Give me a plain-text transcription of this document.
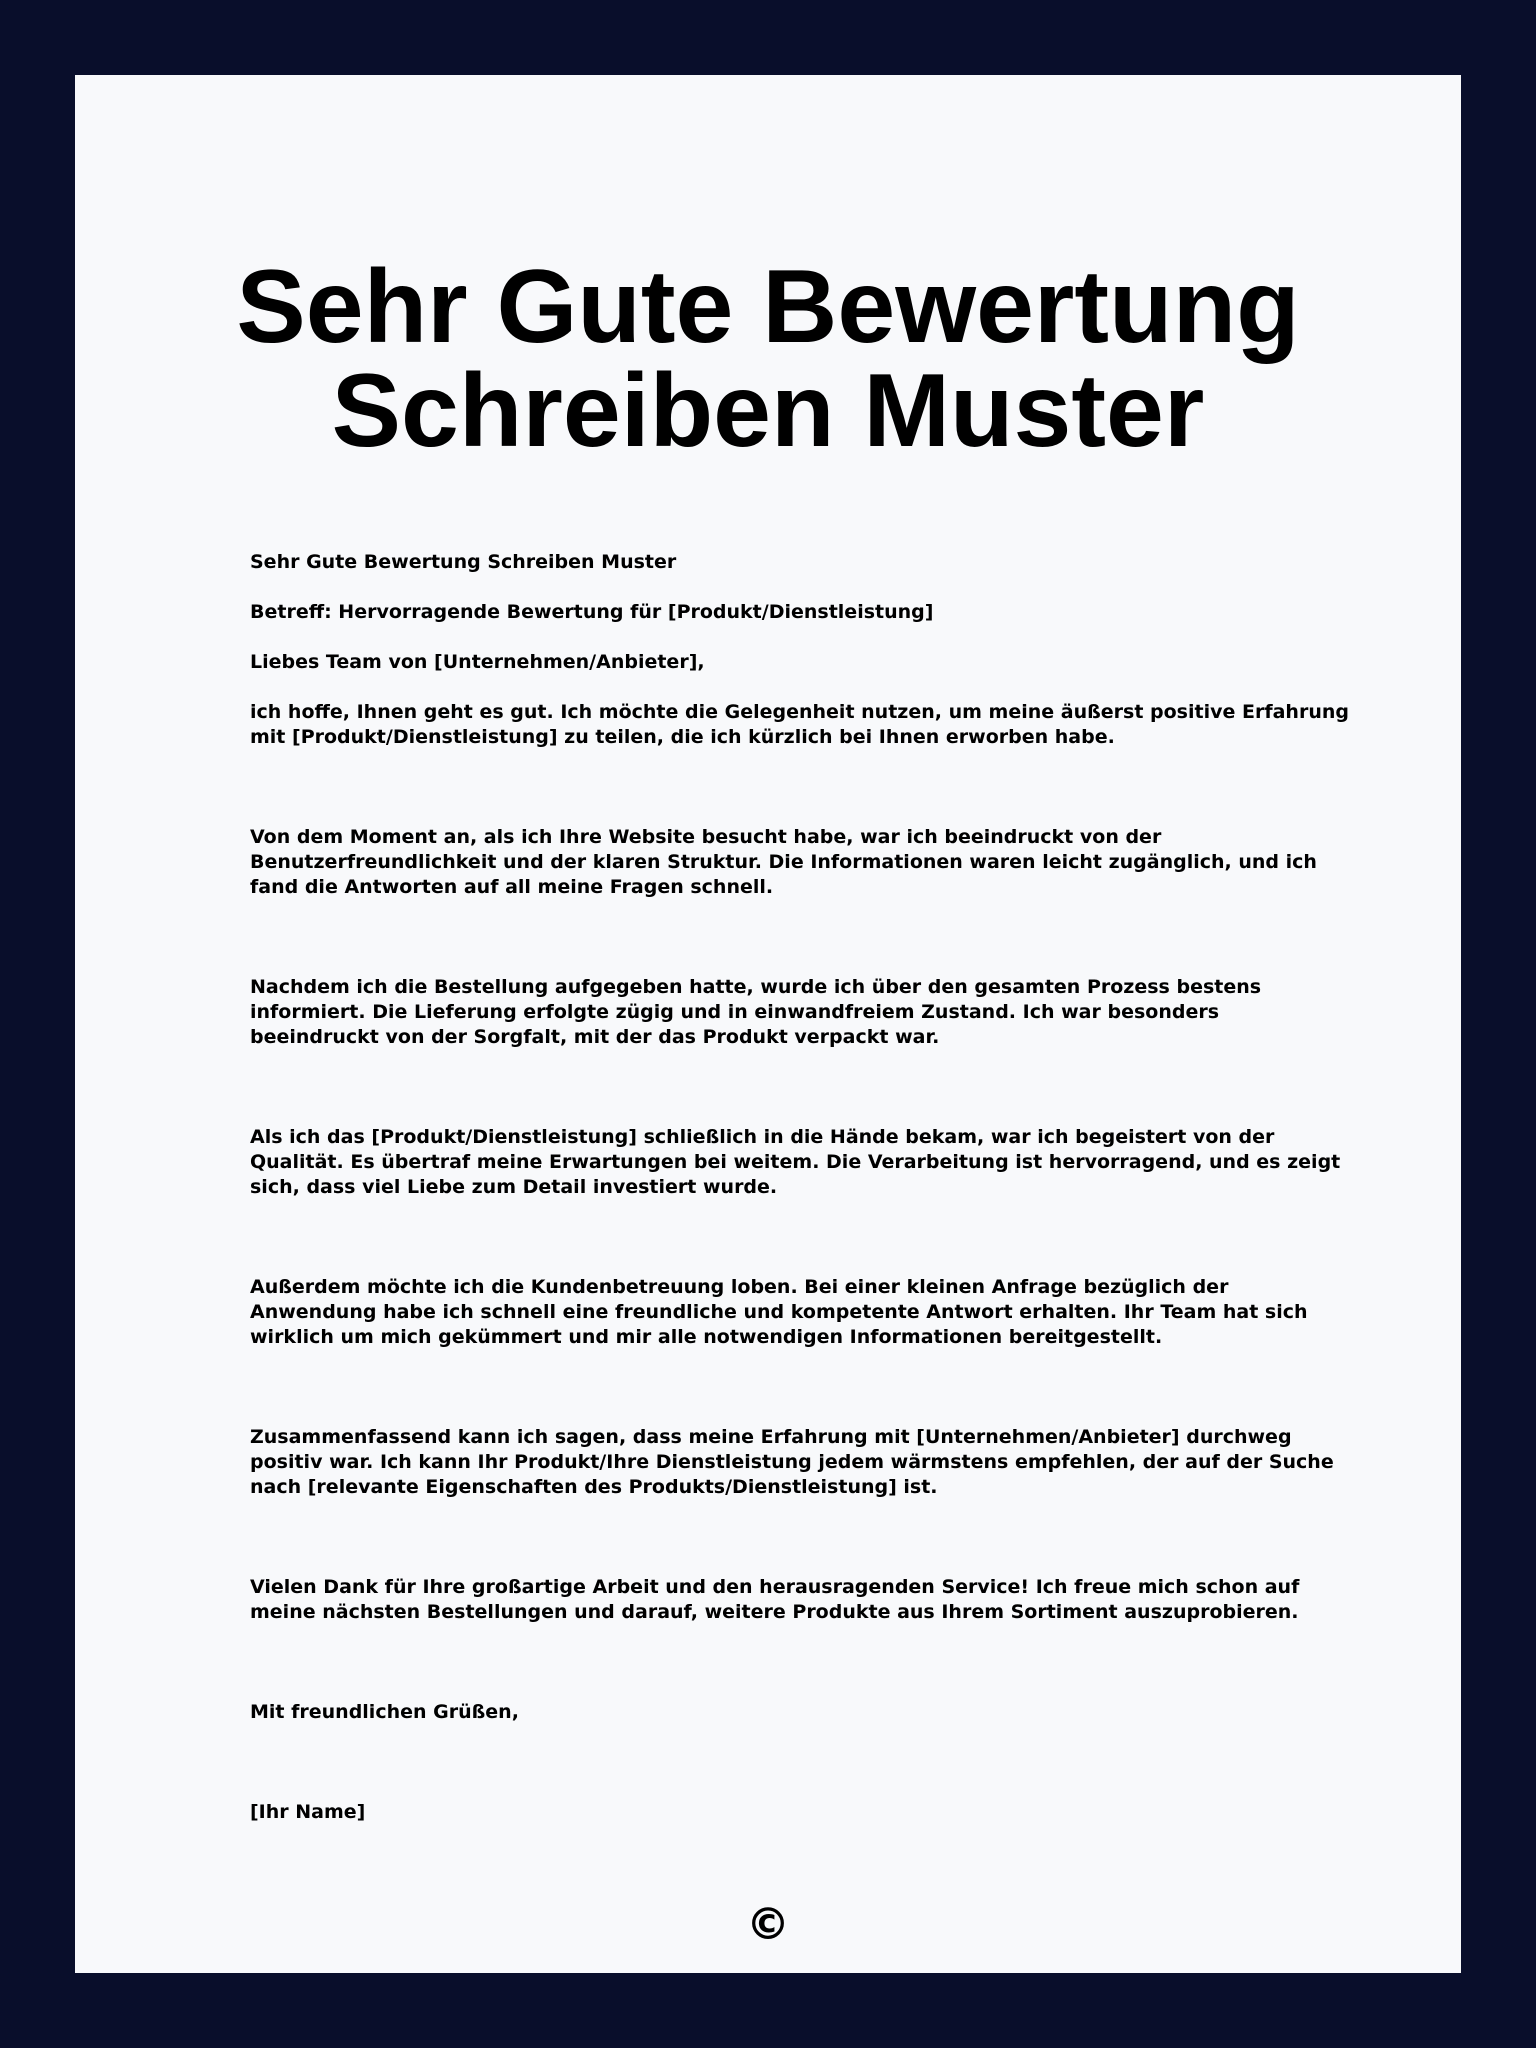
Sehr Gute Bewertung
Schreiben Muster

Sehr Gute Bewertung Schreiben Muster

Betreff: Hervorragende Bewertung für [Produkt/Dienstleistung]

Liebes Team von [Unternehmen/Anbieter],

ich hoffe, Ihnen geht es gut. Ich möchte die Gelegenheit nutzen, um meine äußerst positive Erfahrung mit [Produkt/Dienstleistung] zu teilen, die ich kürzlich bei Ihnen erworben habe.

Von dem Moment an, als ich Ihre Website besucht habe, war ich beeindruckt von der Benutzerfreundlichkeit und der klaren Struktur. Die Informationen waren leicht zugänglich, und ich fand die Antworten auf all meine Fragen schnell.

Nachdem ich die Bestellung aufgegeben hatte, wurde ich über den gesamten Prozess bestens informiert. Die Lieferung erfolgte zügig und in einwandfreiem Zustand. Ich war besonders beeindruckt von der Sorgfalt, mit der das Produkt verpackt war.

Als ich das [Produkt/Dienstleistung] schließlich in die Hände bekam, war ich begeistert von der Qualität. Es übertraf meine Erwartungen bei weitem. Die Verarbeitung ist hervorragend, und es zeigt sich, dass viel Liebe zum Detail investiert wurde.

Außerdem möchte ich die Kundenbetreuung loben. Bei einer kleinen Anfrage bezüglich der Anwendung habe ich schnell eine freundliche und kompetente Antwort erhalten. Ihr Team hat sich wirklich um mich gekümmert und mir alle notwendigen Informationen bereitgestellt.

Zusammenfassend kann ich sagen, dass meine Erfahrung mit [Unternehmen/Anbieter] durchweg positiv war. Ich kann Ihr Produkt/Ihre Dienstleistung jedem wärmstens empfehlen, der auf der Suche nach [relevante Eigenschaften des Produkts/Dienstleistung] ist.

Vielen Dank für Ihre großartige Arbeit und den herausragenden Service! Ich freue mich schon auf meine nächsten Bestellungen und darauf, weitere Produkte aus Ihrem Sortiment auszuprobieren.

Mit freundlichen Grüßen,

[Ihr Name]

©
